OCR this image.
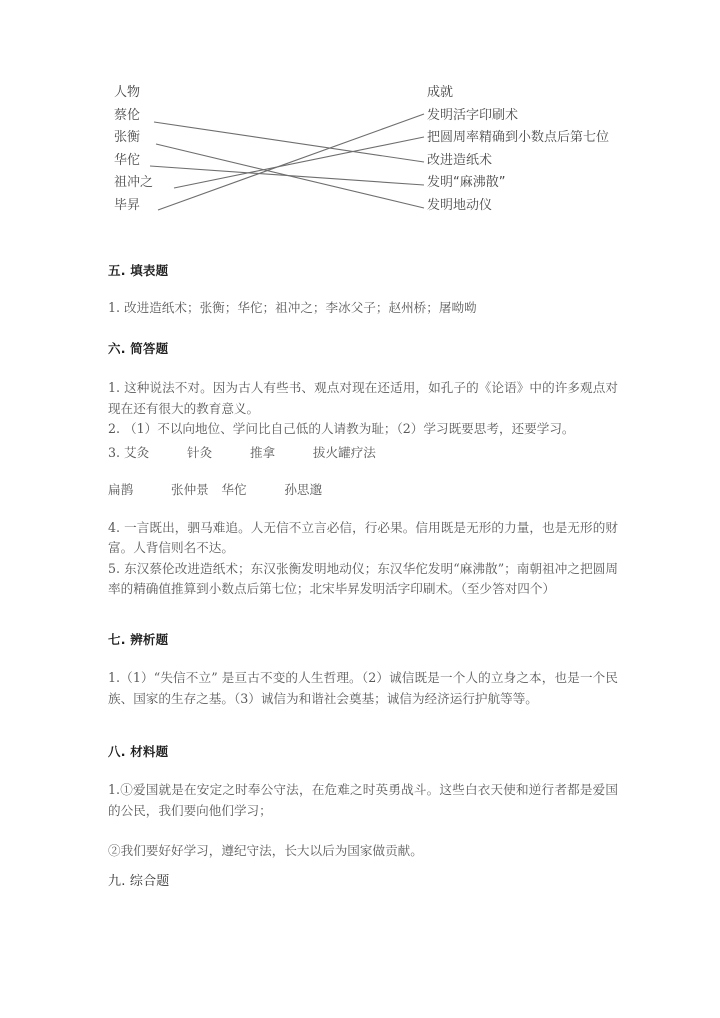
人物
蔡伦
张衡
华佗
祖冲之
毕昇
成就
发明活字印刷术
把圆周率精确到小数点后第七位
改进造纸术
发明“麻沸散”
发明地动仪
五. 填表题

1. 改进造纸术；张衡；华佗；祖冲之；李冰父子；赵州桥；屠呦呦

六. 简答题

1. 这种说法不对。因为古人有些书、观点对现在还适用，如孔子的《论语》中的许多观点对现在还有很大的教育意义。

2. （1）不以向地位、学问比自己低的人请教为耻；（2）学习既要思考，还要学习。

3. 艾灸　　　针灸　　　推拿　　　拔火罐疗法

扁鹊　　　张仲景　华佗　　　孙思邈

4. 一言既出，驷马难追。人无信不立言必信，行必果。信用既是无形的力量，也是无形的财富。人背信则名不达。

5. 东汉蔡伦改进造纸术；东汉张衡发明地动仪；东汉华佗发明“麻沸散”；南朝祖冲之把圆周率的精确值推算到小数点后第七位；北宋毕昇发明活字印刷术。（至少答对四个）

七. 辨析题

1.（1）“失信不立” 是亘古不变的人生哲理。（2）诚信既是一个人的立身之本，也是一个民族、国家的生存之基。（3）诚信为和谐社会奠基；诚信为经济运行护航等等。

八. 材料题

1.①爱国就是在安定之时奉公守法，在危难之时英勇战斗。这些白衣天使和逆行者都是爱国的公民，我们要向他们学习；

②我们要好好学习，遵纪守法，长大以后为国家做贡献。

九. 综合题
